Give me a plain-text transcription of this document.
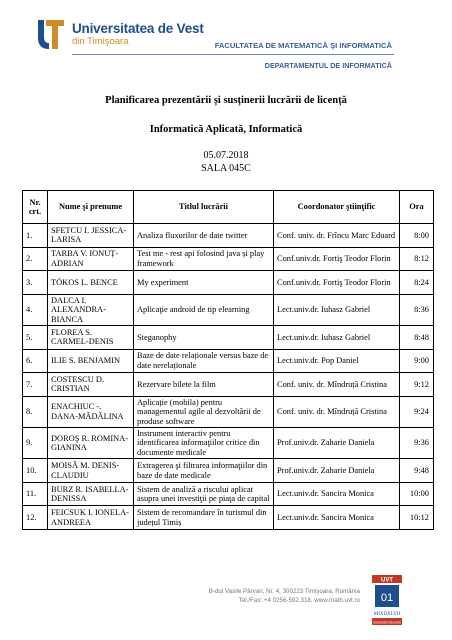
Universitatea de Vest
din Timişoara	FACULTATEA DE MATEMATICĂ ŞI INFORMATICĂ
DEPARTAMENTUL DE INFORMATICĂ
Planificarea prezentării și susținerii lucrării de licență
Informatică Aplicată, Informatică
05.07.2018
SALA 045C
Nr. crt.	Nume şi prenume	Titlul lucrării	Coordonator ştiinţific	Ora
1.	SFETCU I. JESSICA-LARISA	Analiza fluxurilor de date twitter	Conf. univ. dr. Frîncu Marc Eduard	8:00
2.	TARBA V. IONUȚ-ADRIAN	Test me - rest api folosind java și play framework	Conf.univ.dr. Fortiş Teodor Florin	8:12
3.	TÓKOS L. BENCE	My experiment	Conf.univ.dr. Fortiş Teodor Florin	8:24
4.	DALCA I. ALEXANDRA-BIANCA	Aplicaţie android de tip elearning	Lect.univ.dr. Iuhasz Gabriel	8:36
5.	FLOREA S. CARMEL-DENIS	Steganophy	Lect.univ.dr. Iuhasz Gabriel	8:48
6.	ILIE S. BENJAMIN	Baze de date relaționale versus baze de date nerelaționale	Lect.univ.dr. Pop Daniel	9:00
7.	COSTESCU D. CRISTIAN	Rezervare bilete la film	Conf. univ. dr. Mîndruță Cristina	9:12
8.	ENACHIUC -. DANA-MĂDĂLINA	Aplicație (mobila) pentru managementul agile al dezvoltării de produse software	Conf. univ. dr. Mîndruță Cristina	9:24
9.	DOROŞ R. ROMINA-GIANINA	Instrument interactiv pentru identificarea informaţiilor critice din documente medicale	Prof.univ.dr. Zaharie Daniela	9:36
10.	MOISĂ M. DENIS-CLAUDIU	Extragerea şi filtrarea informaţiilor din baze de date medicale	Prof.univ.dr. Zaharie Daniela	9:48
11.	BURZ R. ISABELLA-DENISSA	Sistem de analiză a riscului aplicat asupra unei investiţii pe piaţa de capital	Lect.univ.dr. Sancira Monica	10:00
12.	FEICSUK I. IONELA-ANDREEA	Sistem de recomandare în turismul din județul Timiș	Lect.univ.dr. Sancira Monica	10:12
B-dul Vasile Pârvan, Nr. 4, 300223 Timişoara, România
Tel./Fax: +4 0256-592.318, www.math.uvt.ro
UVT
01
MIXDXLVII
Secunda Decurio
